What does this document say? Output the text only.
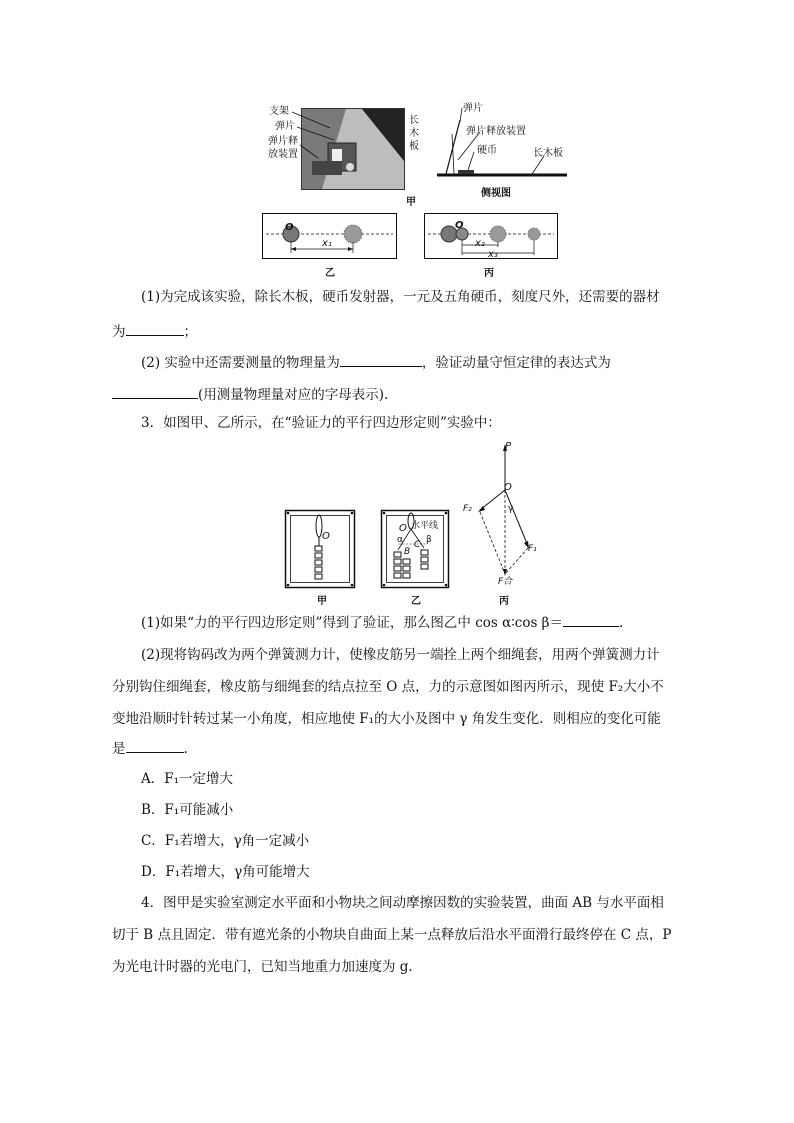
支架
弹片
弹片释
放装置
长
木
板
甲
弹片
弹片释放装置
硬币	长木板
侧视图
O
x₁
乙
O
x₂
x₃
丙
(1)为完成该实验，除长木板，硬币发射器，一元及五角硬币，刻度尺外，还需要的器材
为	；
(2) 实验中还需要测量的物理量为	，验证动量守恒定律的表达式为
(用测量物理量对应的字母表示).
3．如图甲、乙所示，在“验证力的平行四边形定则”实验中：
O
甲
O 水平线
α	β
C
B
乙
P
O
F₂	γ
F₁
F合
丙
(1)如果“力的平行四边形定则”得到了验证，那么图乙中 cos α∶cos β＝	.
(2)现将钩码改为两个弹簧测力计，使橡皮筋另一端拴上两个细绳套，用两个弹簧测力计
分别钩住细绳套，橡皮筋与细绳套的结点拉至 O 点，力的示意图如图丙所示，现使 F₂大小不
变地沿顺时针转过某一小角度，相应地使 F₁的大小及图中 γ 角发生变化．则相应的变化可能
是	.
A．F₁一定增大
B．F₁可能减小
C．F₁若增大，γ角一定减小
D．F₁若增大，γ角可能增大
4．图甲是实验室测定水平面和小物块之间动摩擦因数的实验装置，曲面 AB 与水平面相
切于 B 点且固定．带有遮光条的小物块自曲面上某一点释放后沿水平面滑行最终停在 C 点，P
为光电计时器的光电门，已知当地重力加速度为 g.
